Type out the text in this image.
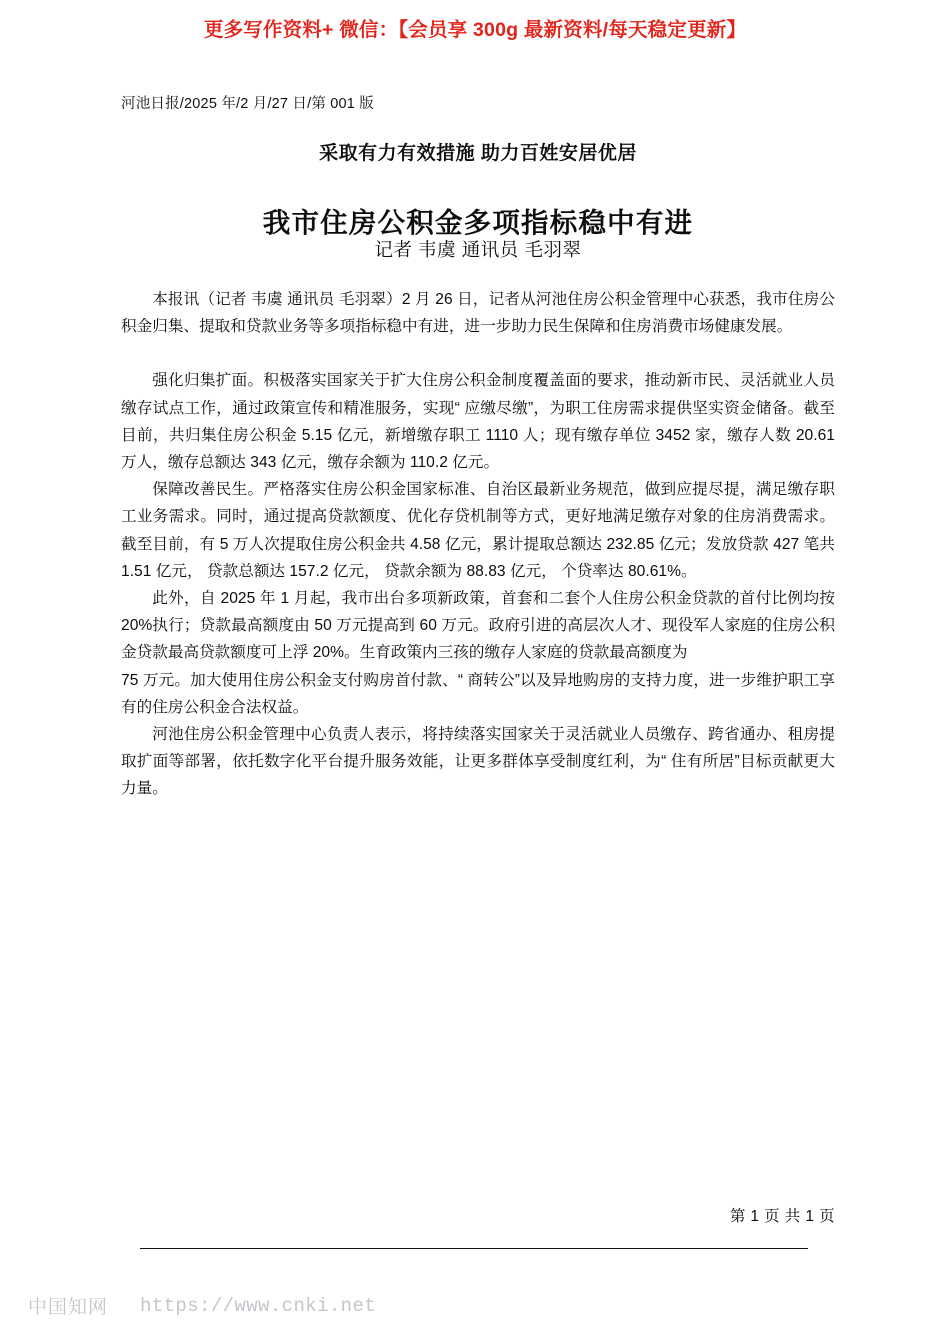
更多写作资料+ 微信：【会员享 300g 最新资料/每天稳定更新】
河池日报/2025 年/2 月/27 日/第 001 版
采取有力有效措施 助力百姓安居优居
我市住房公积金多项指标稳中有进
记者 韦虞 通讯员 毛羽翠

本报讯（记者 韦虞 通讯员 毛羽翠）2 月 26 日，记者从河池住房公积金管理中心获悉，我市住房公积金归集、提取和贷款业务等多项指标稳中有进，进一步助力民生保障和住房消费市场健康发展。

强化归集扩面。积极落实国家关于扩大住房公积金制度覆盖面的要求，推动新市民、灵活就业人员缴存试点工作，通过政策宣传和精准服务，实现“ 应缴尽缴”，为职工住房需求提供坚实资金储备。截至目前，共归集住房公积金 5.15 亿元，新增缴存职工 1110 人；现有缴存单位 3452 家，缴存人数 20.61 万人，缴存总额达 343 亿元，缴存余额为 110.2 亿元。

保障改善民生。严格落实住房公积金国家标准、自治区最新业务规范，做到应提尽提，满足缴存职工业务需求。同时，通过提高贷款额度、优化存贷机制等方式，更好地满足缴存对象的住房消费需求。截至目前，有 5 万人次提取住房公积金共 4.58 亿元，累计提取总额达 232.85 亿元；发放贷款 427 笔共 1.51 亿元， 贷款总额达 157.2 亿元， 贷款余额为 88.83 亿元， 个贷率达 80.61%。

此外，自 2025 年 1 月起，我市出台多项新政策，首套和二套个人住房公积金贷款的首付比例均按 20%执行；贷款最高额度由 50 万元提高到 60 万元。政府引进的高层次人才、现役军人家庭的住房公积金贷款最高贷款额度可上浮 20%。生育政策内三孩的缴存人家庭的贷款最高额度为

75 万元。加大使用住房公积金支付购房首付款、“ 商转公”以及异地购房的支持力度，进一步维护职工享有的住房公积金合法权益。

河池住房公积金管理中心负责人表示，将持续落实国家关于灵活就业人员缴存、跨省通办、租房提取扩面等部署，依托数字化平台提升服务效能，让更多群体享受制度红利，为“ 住有所居”目标贡献更大力量。

第 1 页 共 1 页
中国知网 https://www.cnki.net
